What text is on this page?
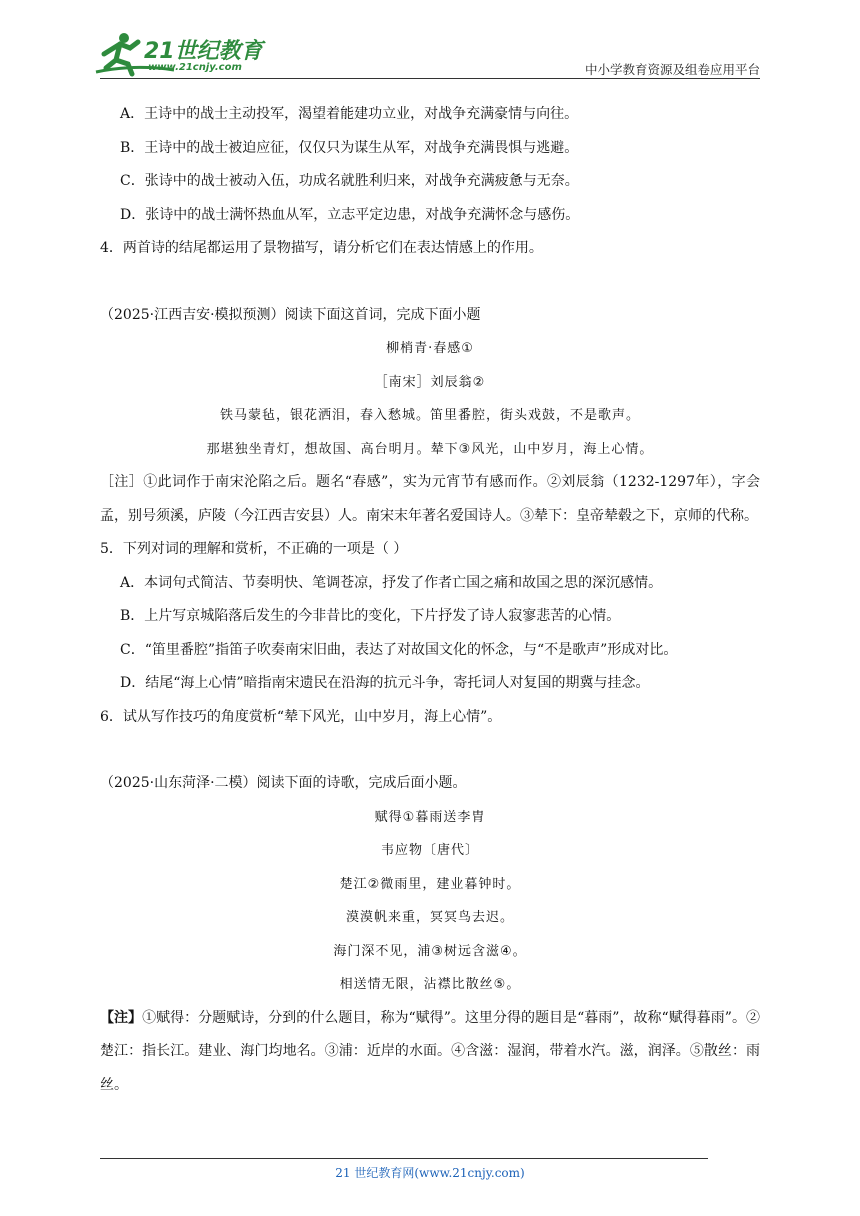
21世纪教育
www.21cnjy.com	中小学教育资源及组卷应用平台
A．王诗中的战士主动投军，渴望着能建功立业，对战争充满豪情与向往。
B．王诗中的战士被迫应征，仅仅只为谋生从军，对战争充满畏惧与逃避。
C．张诗中的战士被动入伍，功成名就胜利归来，对战争充满疲惫与无奈。
D．张诗中的战士满怀热血从军，立志平定边患，对战争充满怀念与感伤。
4．两首诗的结尾都运用了景物描写，请分析它们在表达情感上的作用。
（2025·江西吉安·模拟预测）阅读下面这首词，完成下面小题
柳梢青·春感①
［南宋］刘辰翁②
铁马蒙毡，银花洒泪，春入愁城。笛里番腔，街头戏鼓，不是歌声。
那堪独坐青灯，想故国、高台明月。辇下③风光，山中岁月，海上心情。
［注］①此词作于南宋沦陷之后。题名“春感”，实为元宵节有感而作。②刘辰翁（1232-1297年），字会孟，别号须溪，庐陵（今江西吉安县）人。南宋末年著名爱国诗人。③辇下：皇帝辇毂之下，京师的代称。
5．下列对词的理解和赏析，不正确的一项是（ ）
A．本词句式简洁、节奏明快、笔调苍凉，抒发了作者亡国之痛和故国之思的深沉感情。
B．上片写京城陷落后发生的今非昔比的变化，下片抒发了诗人寂寥悲苦的心情。
C．“笛里番腔”指笛子吹奏南宋旧曲，表达了对故国文化的怀念，与“不是歌声”形成对比。
D．结尾“海上心情”暗指南宋遗民在沿海的抗元斗争，寄托词人对复国的期冀与挂念。
6．试从写作技巧的角度赏析“辇下风光，山中岁月，海上心情”。
（2025·山东菏泽·二模）阅读下面的诗歌，完成后面小题。
赋得①暮雨送李胄
韦应物〔唐代〕
楚江②微雨里，建业暮钟时。
漠漠帆来重，冥冥鸟去迟。
海门深不见，浦③树远含滋④。
相送情无限，沾襟比散丝⑤。
【注】①赋得：分题赋诗，分到的什么题目，称为“赋得”。这里分得的题目是“暮雨”，故称“赋得暮雨”。②楚江：指长江。建业、海门均地名。③浦：近岸的水面。④含滋：湿润，带着水汽。滋，润泽。⑤散丝：雨丝。
21 世纪教育网(www.21cnjy.com)
